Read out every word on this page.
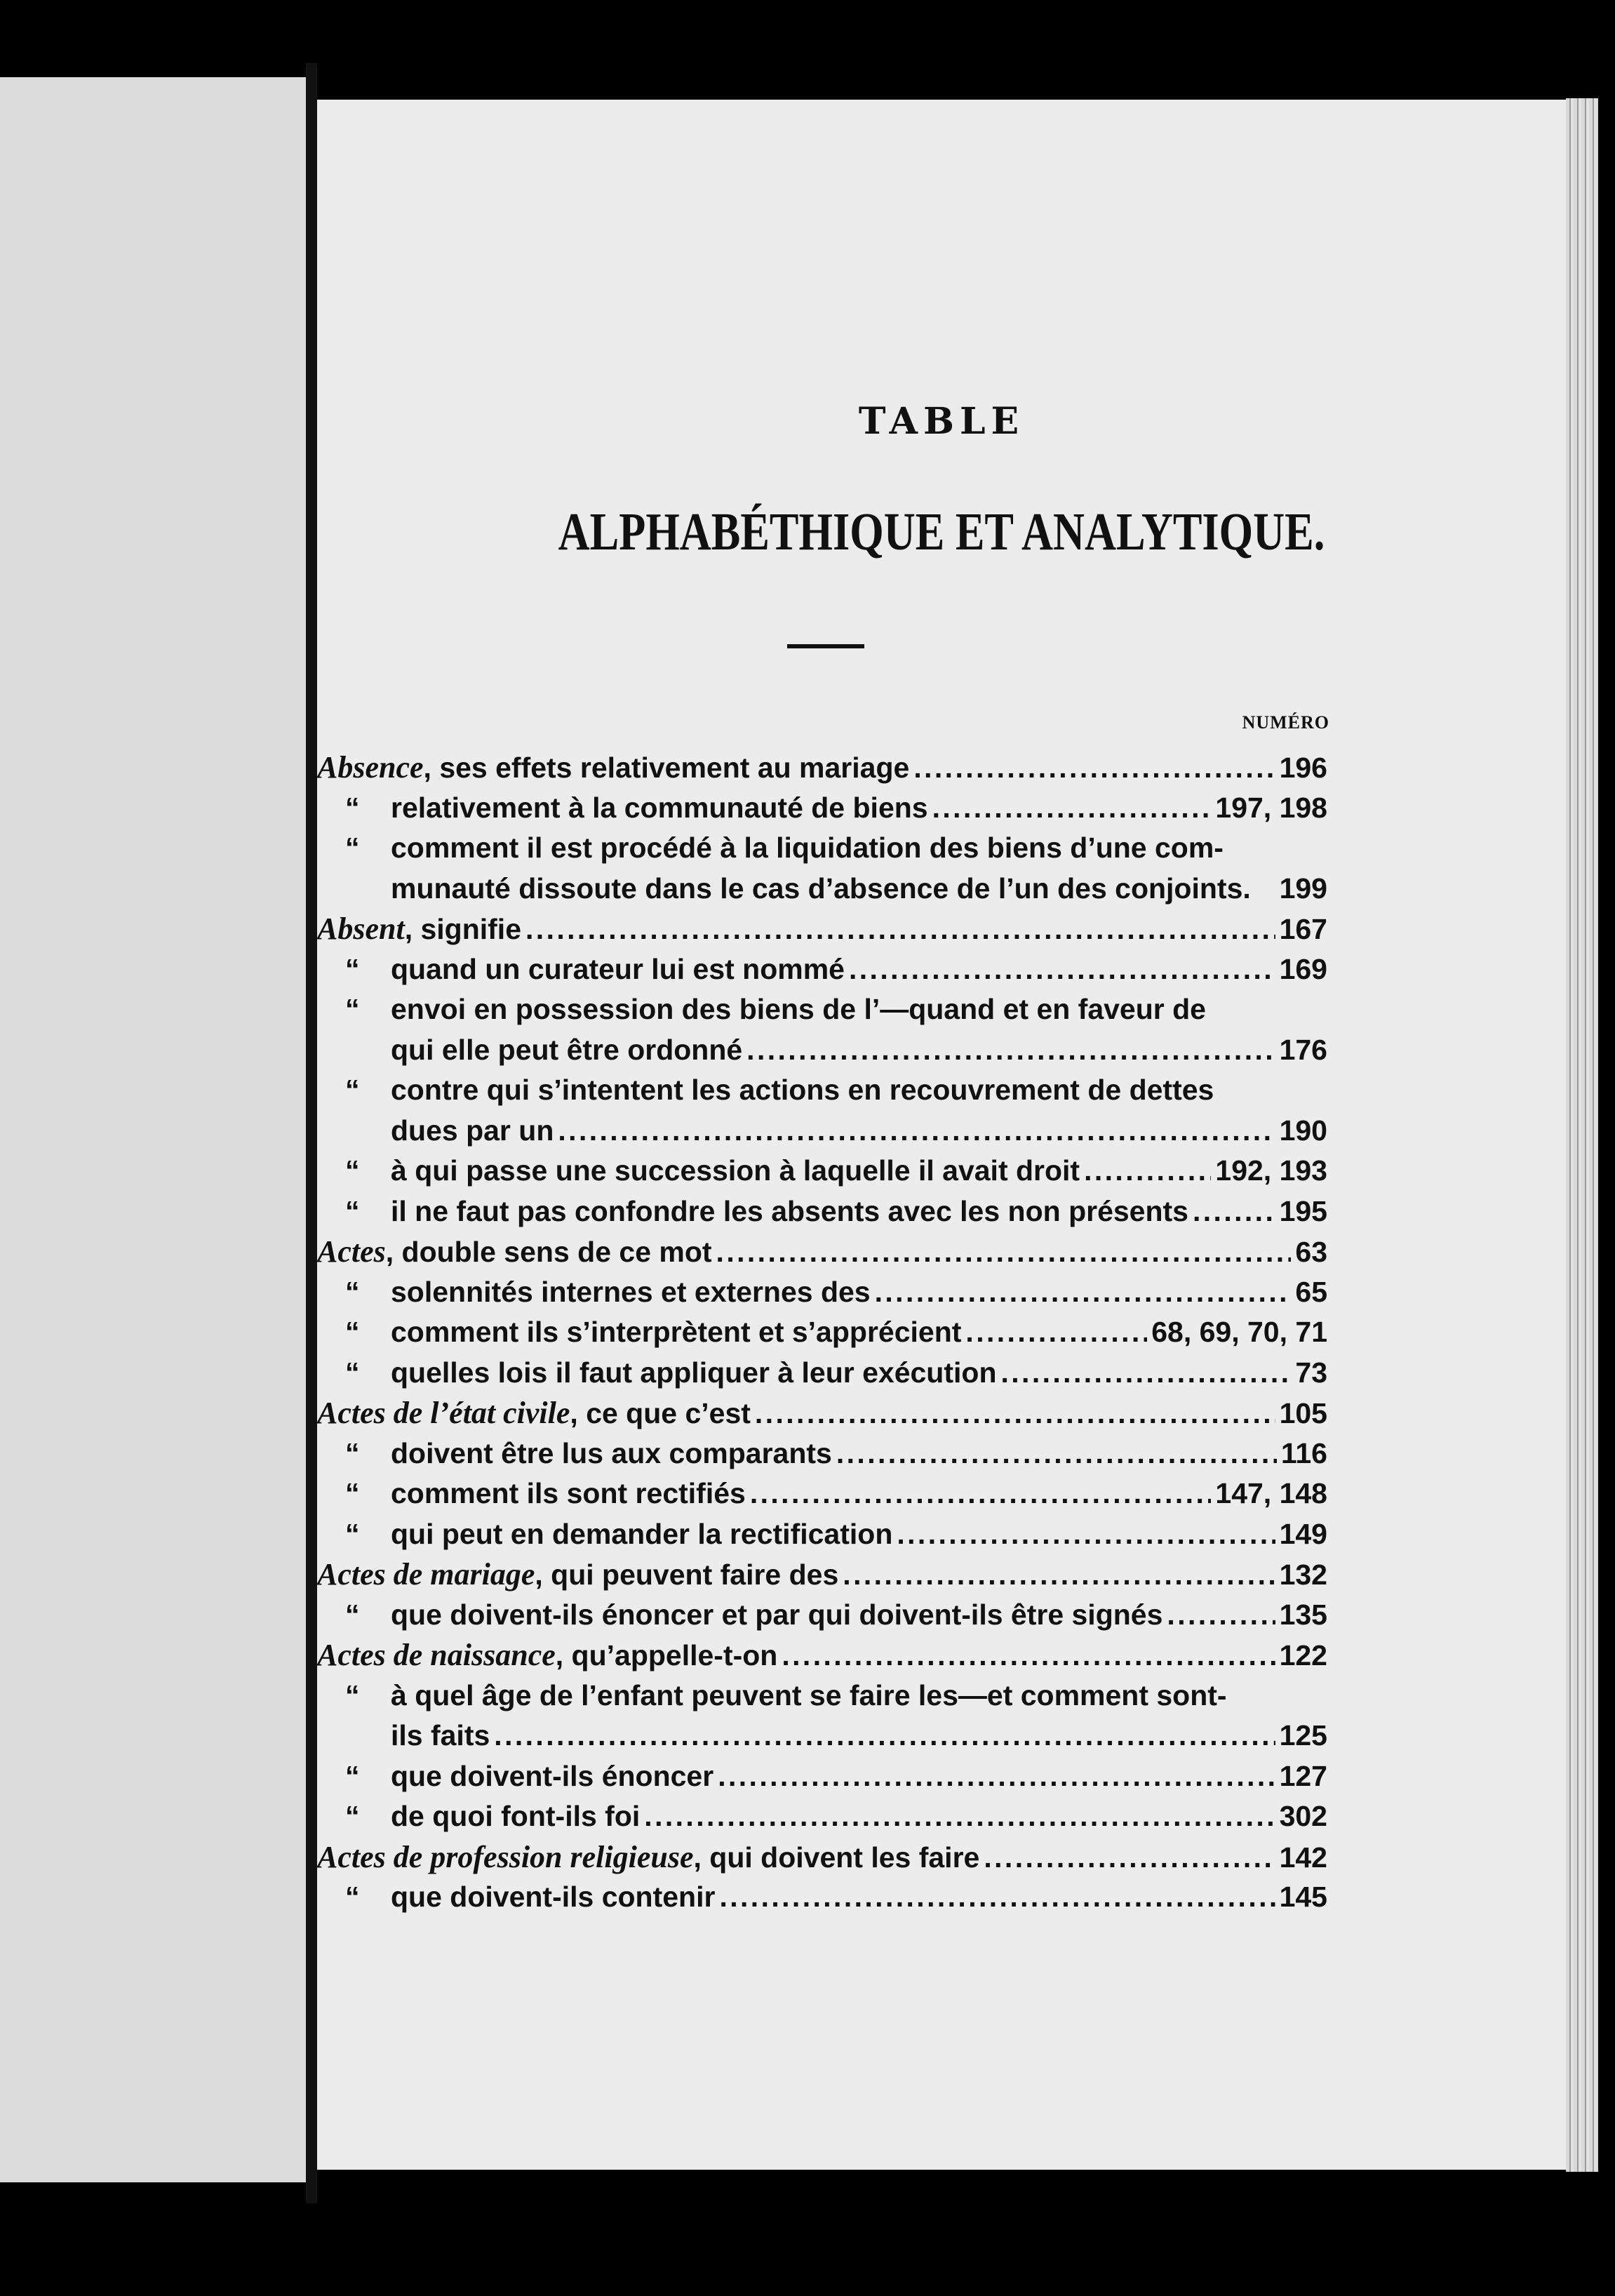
TABLE
ALPHABÉTHIQUE ET ANALYTIQUE.
NUMÉRO
Absence , ses effets relativement au mariage . . .	196
“ relativement à la communauté de biens . . .	197, 198
“ comment il est procédé à la liquidation des biens d’une com-
munauté dissoute dans le cas d’absence de l’un des conjoints. 199
Absent , signifie . . .	167
“ quand un curateur lui est nommé . . .	169
“ envoi en possession des biens de l’—quand et en faveur de
qui elle peut être ordonné . . .	176
“ contre qui s’intentent les actions en recouvrement de dettes
dues par un . . .	190
“ à qui passe une succession à laquelle il avait droit . . .	192, 193
“ il ne faut pas confondre les absents avec les non présents . . .	195
Actes , double sens de ce mot . . .	63
“ solennités internes et externes des . . .	65
“ comment ils s’interprètent et s’apprécient . . .	68, 69, 70, 71
“ quelles lois il faut appliquer à leur exécution . . .	73
Actes de l’état civile , ce que c’est . . .	105
“ doivent être lus aux comparants . . .	116
“ comment ils sont rectifiés . . .	147, 148
“ qui peut en demander la rectification . . .	149
Actes de mariage , qui peuvent faire des . . .	132
“ que doivent-ils énoncer et par qui doivent-ils être signés . . .	135
Actes de naissance , qu’appelle-t-on . . .	122
“ à quel âge de l’enfant peuvent se faire les—et comment sont-
ils faits . . .	125
“ que doivent-ils énoncer . . .	127
“ de quoi font-ils foi . . .	302
Actes de profession religieuse , qui doivent les faire . . .	142
“ que doivent-ils contenir . . .	145
